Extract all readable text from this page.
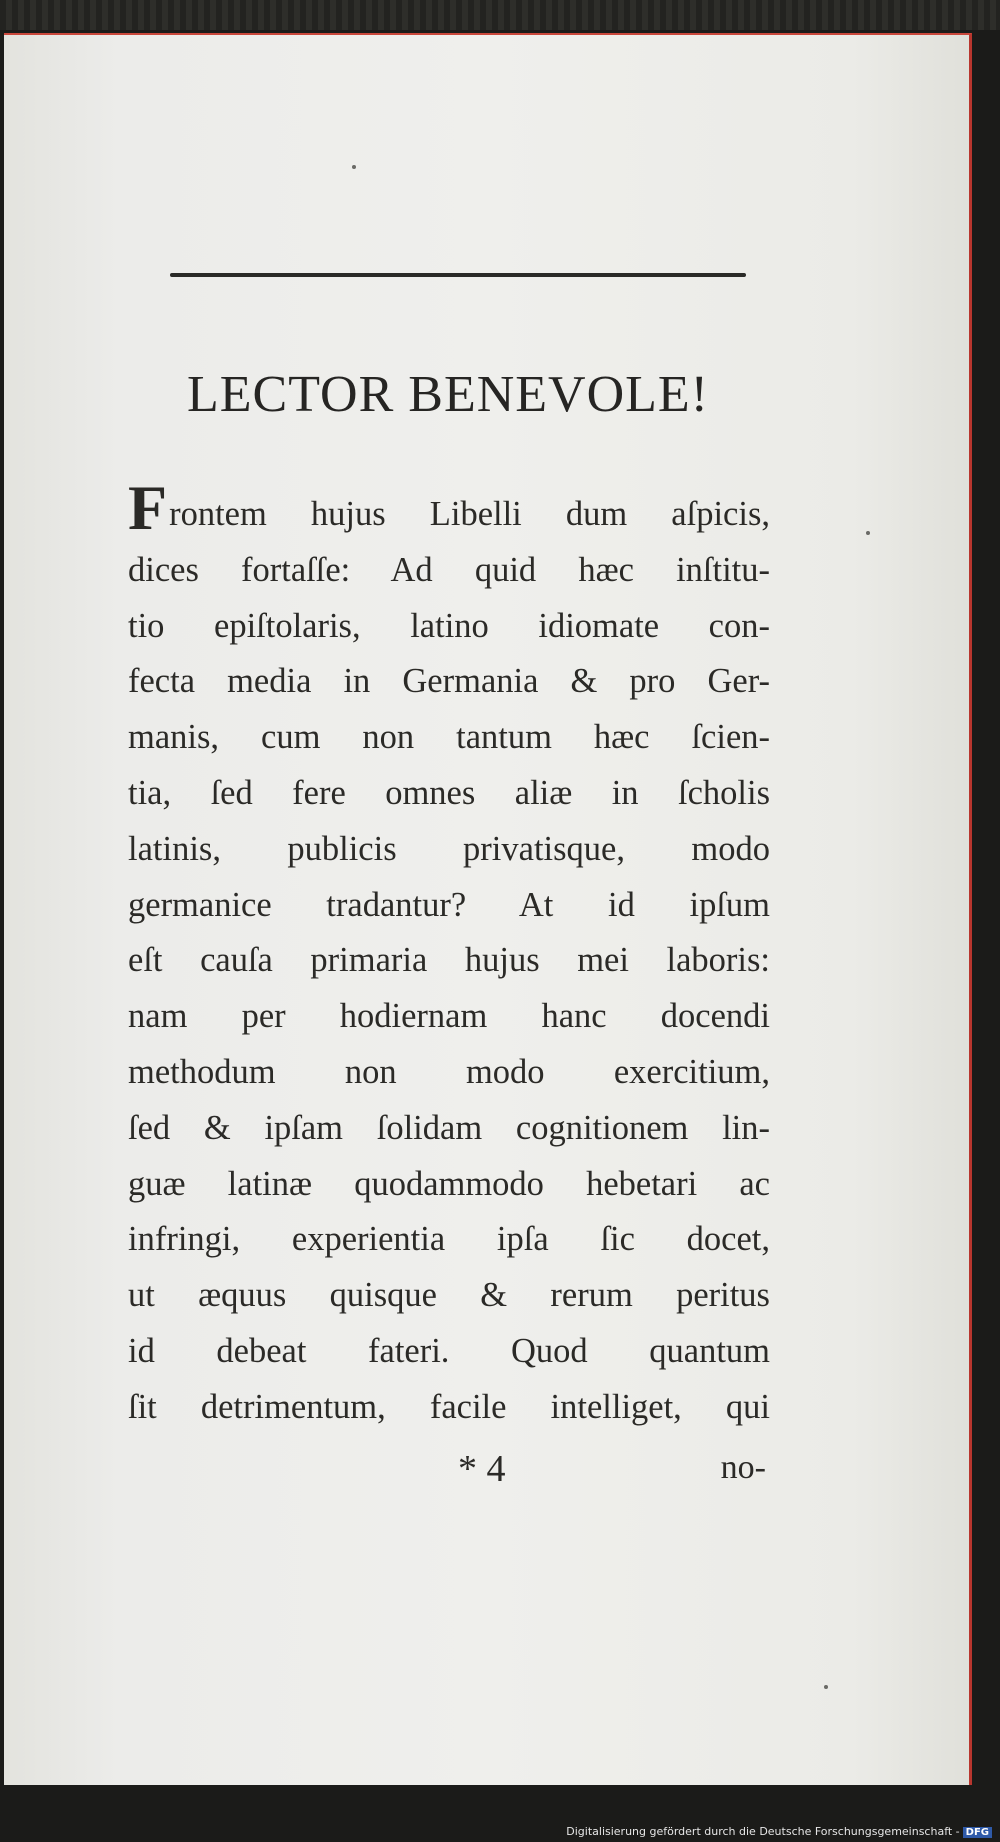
LECTOR BENEVOLE!
Frontem hujus Libelli dum aſpicis,
dices fortaſſe: Ad quid hæc inſtitu-
tio epiſtolaris, latino idiomate con-
fecta media in Germania & pro Ger-
manis, cum non tantum hæc ſcien-
tia, ſed fere omnes aliæ in ſcholis
latinis, publicis privatisque, modo
germanice tradantur? At id ipſum
eſt cauſa primaria hujus mei laboris:
nam per hodiernam hanc docendi
methodum non modo exercitium,
ſed & ipſam ſolidam cognitionem lin-
guæ latinæ quodammodo hebetari ac
infringi, experientia ipſa ſic docet,
ut æquus quisque & rerum peritus
id debeat fateri. Quod quantum
ſit detrimentum, facile intelliget, qui
* 4	no-
Digitalisierung gefördert durch die Deutsche Forschungsgemeinschaft - DFG
